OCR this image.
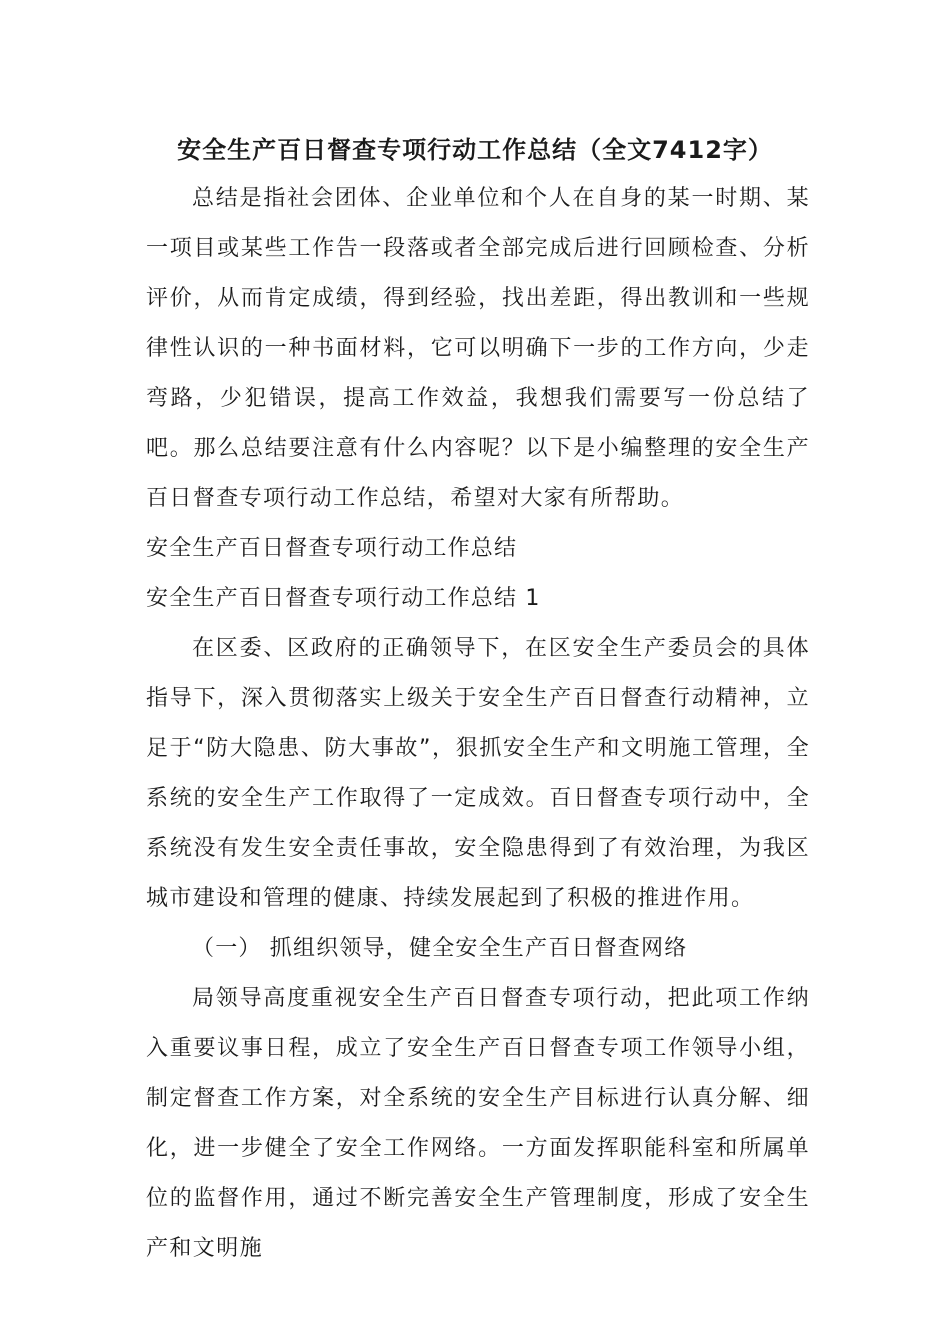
安全生产百日督查专项行动工作总结（全文7412字）

总结是指社会团体、企业单位和个人在自身的某一时期、某一项目或某些工作告一段落或者全部完成后进行回顾检查、分析评价，从而肯定成绩，得到经验，找出差距，得出教训和一些规律性认识的一种书面材料，它可以明确下一步的工作方向，少走弯路，少犯错误，提高工作效益，我想我们需要写一份总结了吧。那么总结要注意有什么内容呢？以下是小编整理的安全生产百日督查专项行动工作总结，希望对大家有所帮助。

安全生产百日督查专项行动工作总结
安全生产百日督查专项行动工作总结 1

在区委、区政府的正确领导下，在区安全生产委员会的具体指导下，深入贯彻落实上级关于安全生产百日督查行动精神，立足于“防大隐患、防大事故”，狠抓安全生产和文明施工管理，全系统的安全生产工作取得了一定成效。百日督查专项行动中，全系统没有发生安全责任事故，安全隐患得到了有效治理，为我区城市建设和管理的健康、持续发展起到了积极的推进作用。

（一） 抓组织领导，健全安全生产百日督查网络

局领导高度重视安全生产百日督查专项行动，把此项工作纳入重要议事日程，成立了安全生产百日督查专项工作领导小组，制定督查工作方案，对全系统的安全生产目标进行认真分解、细化，进一步健全了安全工作网络。一方面发挥职能科室和所属单位的监督作用，通过不断完善安全生产管理制度，形成了安全生产和文明施
